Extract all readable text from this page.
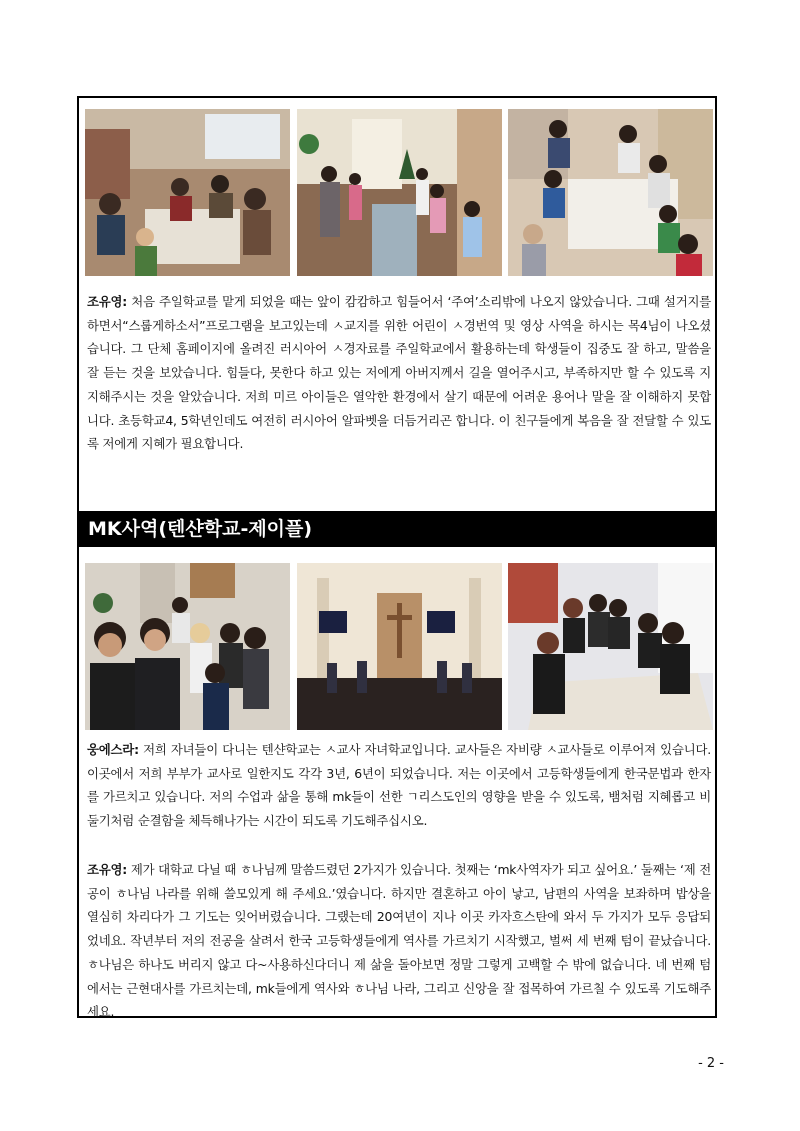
조유영: 처음 주일학교를 맡게 되었을 때는 앞이 캄캄하고 힘들어서 ‘주여’소리밖에 나오지 않았습니다. 그때 설거지를 하면서“스룹게하소서”프로그램을 보고있는데 ㅅ교지를 위한 어린이 ㅅ경번역 및 영상 사역을 하시는 목4님이 나오셨습니다. 그 단체 홈페이지에 올려진 러시아어 ㅅ경자료를 주일학교에서 활용하는데 학생들이 집중도 잘 하고, 말씀을 잘 듣는 것을 보았습니다. 힘들다, 못한다 하고 있는 저에게 아버지께서 길을 열어주시고, 부족하지만 할 수 있도록 지지해주시는 것을 알았습니다. 저희 미르 아이들은 열악한 환경에서 살기 때문에 어려운 용어나 말을 잘 이해하지 못합니다. 초등학교4, 5학년인데도 여전히 러시아어 알파벳을 더듬거리곤 합니다. 이 친구들에게 복음을 잘 전달할 수 있도록 저에게 지혜가 필요합니다.

MK사역(텐샨학교-제이플)

웅에스라: 저희 자녀들이 다니는 텐샨학교는 ㅅ교사 자녀학교입니다. 교사들은 자비량 ㅅ교사들로 이루어져 있습니다. 이곳에서 저희 부부가 교사로 일한지도 각각 3년, 6년이 되었습니다. 저는 이곳에서 고등학생들에게 한국문법과 한자를 가르치고 있습니다. 저의 수업과 삶을 통해 mk들이 선한 ㄱ리스도인의 영향을 받을 수 있도록, 뱀처럼 지혜롭고 비둘기처럼 순결함을 체득해나가는 시간이 되도록 기도해주십시오.

조유영: 제가 대학교 다닐 때 ㅎ나님께 말씀드렸던 2가지가 있습니다. 첫째는 ‘mk사역자가 되고 싶어요.’ 둘째는 ‘제 전공이 ㅎ나님 나라를 위해 쓸모있게 해 주세요.’였습니다. 하지만 결혼하고 아이 낳고, 남편의 사역을 보좌하며 밥상을 열심히 차리다가 그 기도는 잊어버렸습니다. 그랬는데 20여년이 지나 이곳 카자흐스탄에 와서 두 가지가 모두 응답되었네요. 작년부터 저의 전공을 살려서 한국 고등학생들에게 역사를 가르치기 시작했고, 벌써 세 번째 텀이 끝났습니다. ㅎ나님은 하나도 버리지 않고 다~사용하신다더니 제 삶을 돌아보면 정말 그렇게 고백할 수 밖에 없습니다. 네 번째 텀에서는 근현대사를 가르치는데, mk들에게 역사와 ㅎ나님 나라, 그리고 신앙을 잘 접목하여 가르칠 수 있도록 기도해주세요.

- 2 -
